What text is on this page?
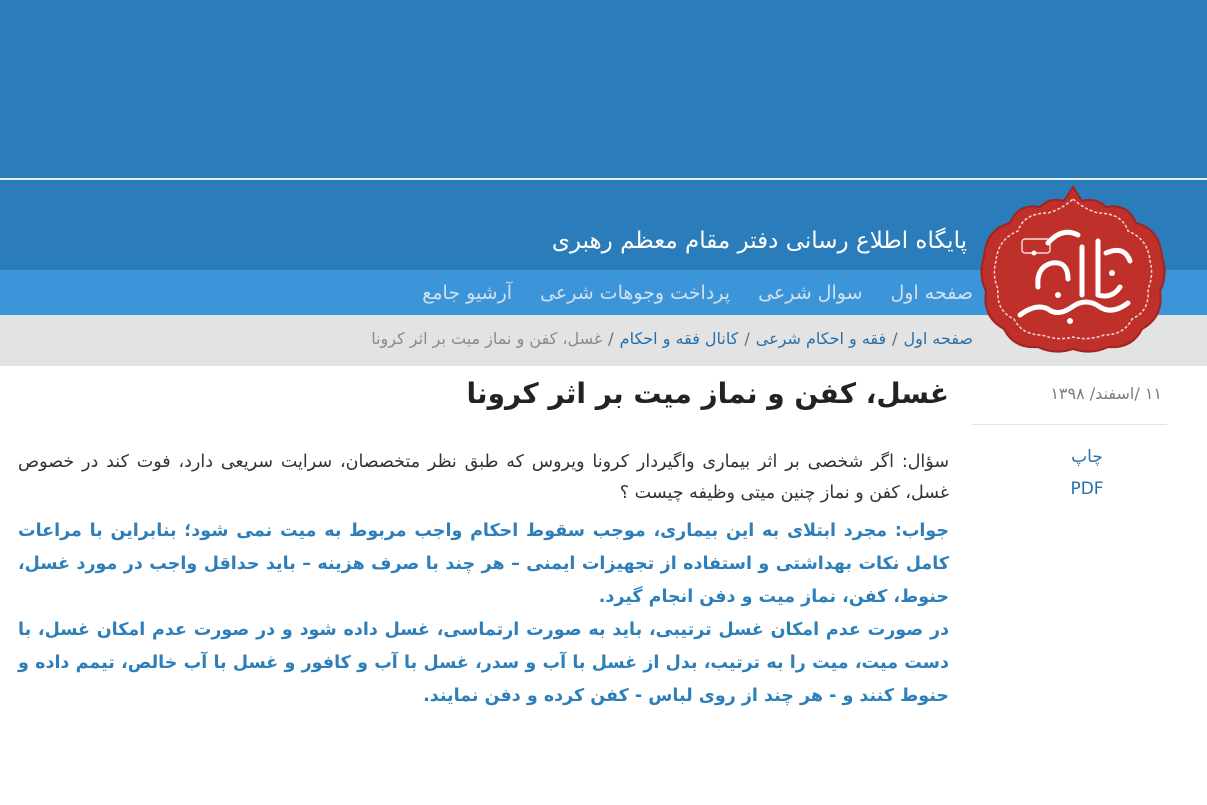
پایگاه اطلاع رسانی دفتر مقام معظم رهبری
صفحه اول
سوال شرعی
پرداخت وجوهات شرعی
آرشیو جامع
صفحه اول
/
فقه و احکام شرعی
/
کانال فقه و احکام
/
غسل، کفن و نماز میت بر اثر کرونا
غسل، کفن و نماز میت بر اثر کرونا

سؤال: اگر شخصی بر اثر بیماری واگیردار کرونا ویروس که طبق نظر متخصصان، سرایت سریعی دارد، فوت کند در خصوص غسل، کفن و نماز چنین میتی وظیفه چیست ؟

جواب: مجرد ابتلای به این بیماری، موجب سقوط احکام واجب مربوط به میت نمی شود؛ بنابراین با مراعات کامل نکات بهداشتی و استفاده از تجهیزات ایمنی – هر چند با صرف هزینه – باید حداقل واجب در مورد غسل، حنوط، کفن، نماز میت و دفن انجام گیرد.

در صورت عدم امکان غسل ترتیبی، باید به صورت ارتماسی، غسل داده شود و در صورت عدم امکان غسل، با دست میت، میت را به ترتیب، بدل از غسل با آب و سدر، غسل با آب و کافور و غسل با آب خالص، تیمم داده و حنوط کنند و - هر چند از روی لباس - کفن کرده و دفن نمایند.

۱۱ /اسفند/ ۱۳۹۸
چاپ
PDF
